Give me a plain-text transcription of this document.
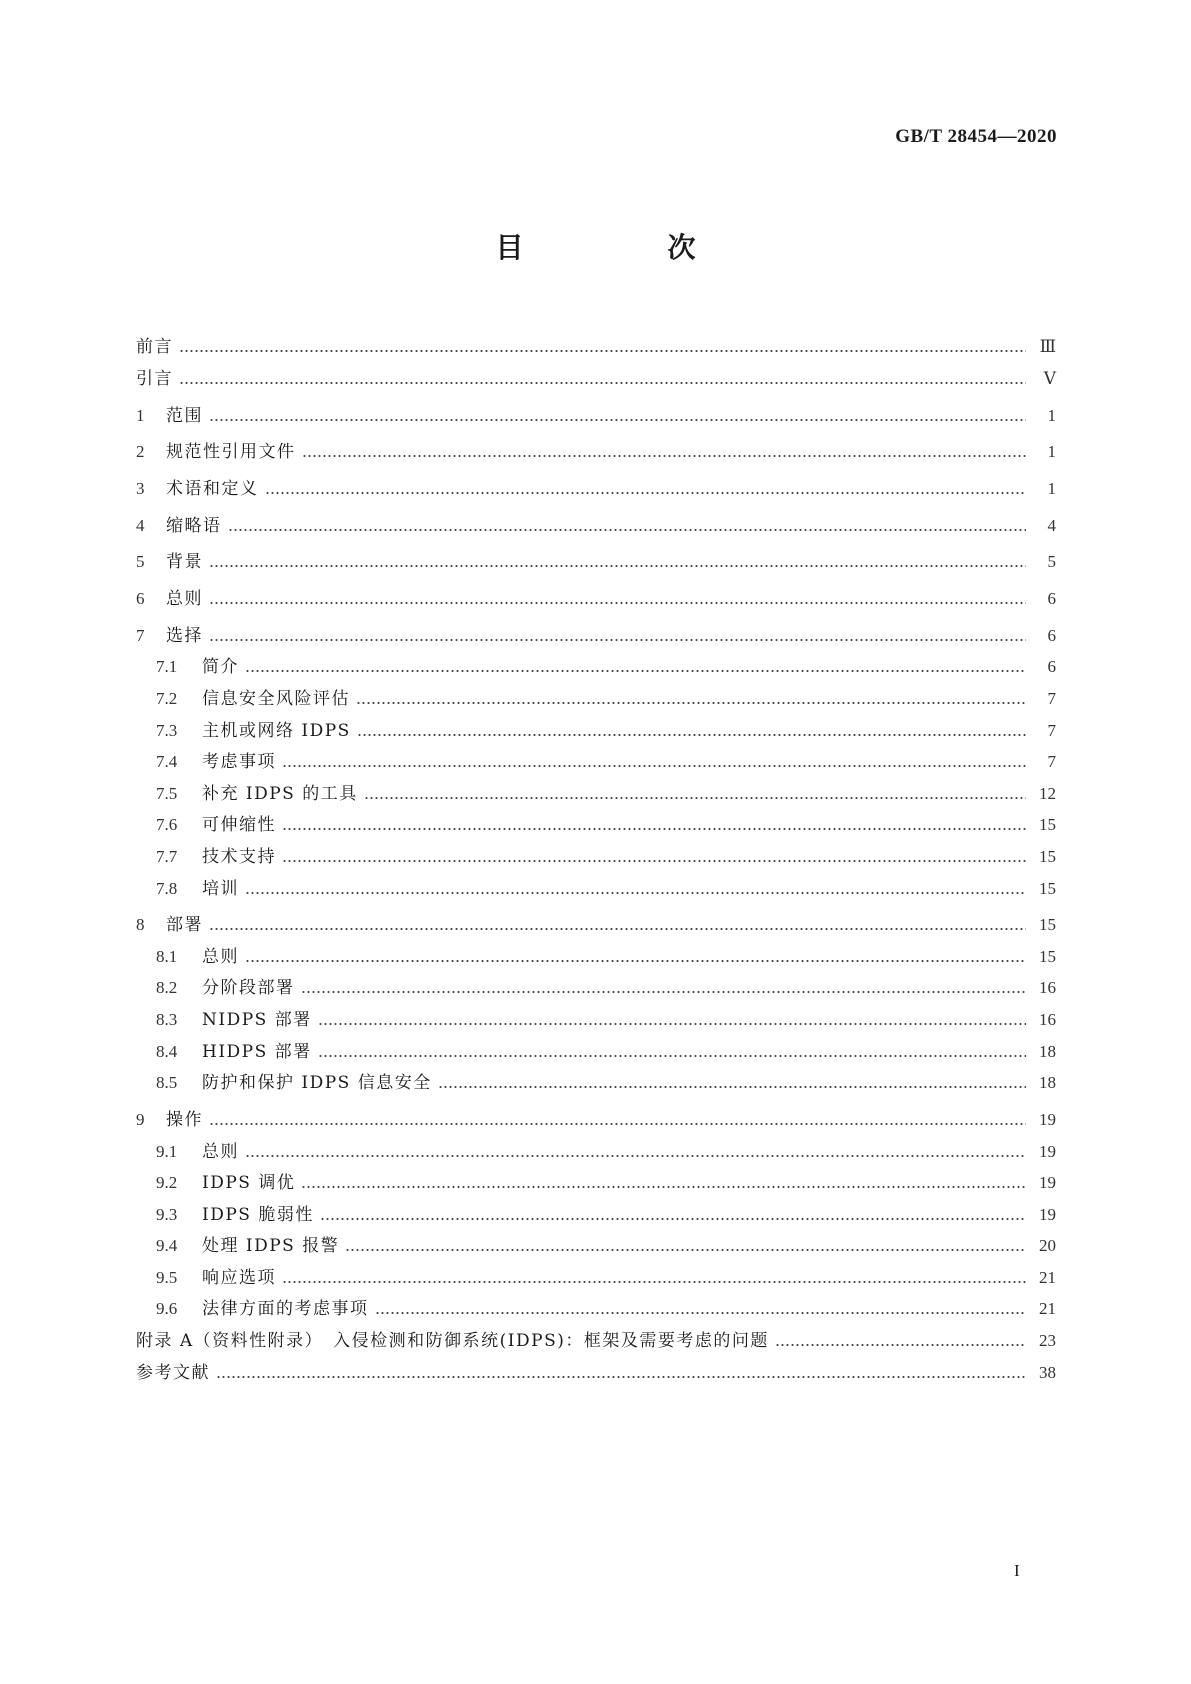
GB/T 28454—2020
目　次
前言	Ⅲ
引言	Ⅴ
1	范围	1
2	规范性引用文件	1
3	术语和定义	1
4	缩略语	4
5	背景	5
6	总则	6
7	选择	6
7.1	简介	6
7.2	信息安全风险评估	7
7.3	主机或网络 IDPS	7
7.4	考虑事项	7
7.5	补充 IDPS 的工具	12
7.6	可伸缩性	15
7.7	技术支持	15
7.8	培训	15
8	部署	15
8.1	总则	15
8.2	分阶段部署	16
8.3	NIDPS 部署	16
8.4	HIDPS 部署	18
8.5	防护和保护 IDPS 信息安全	18
9	操作	19
9.1	总则	19
9.2	IDPS 调优	19
9.3	IDPS 脆弱性	19
9.4	处理 IDPS 报警	20
9.5	响应选项	21
9.6	法律方面的考虑事项	21
附录 A（资料性附录）　入侵检测和防御系统(IDPS)：框架及需要考虑的问题	23
参考文献	38
I
